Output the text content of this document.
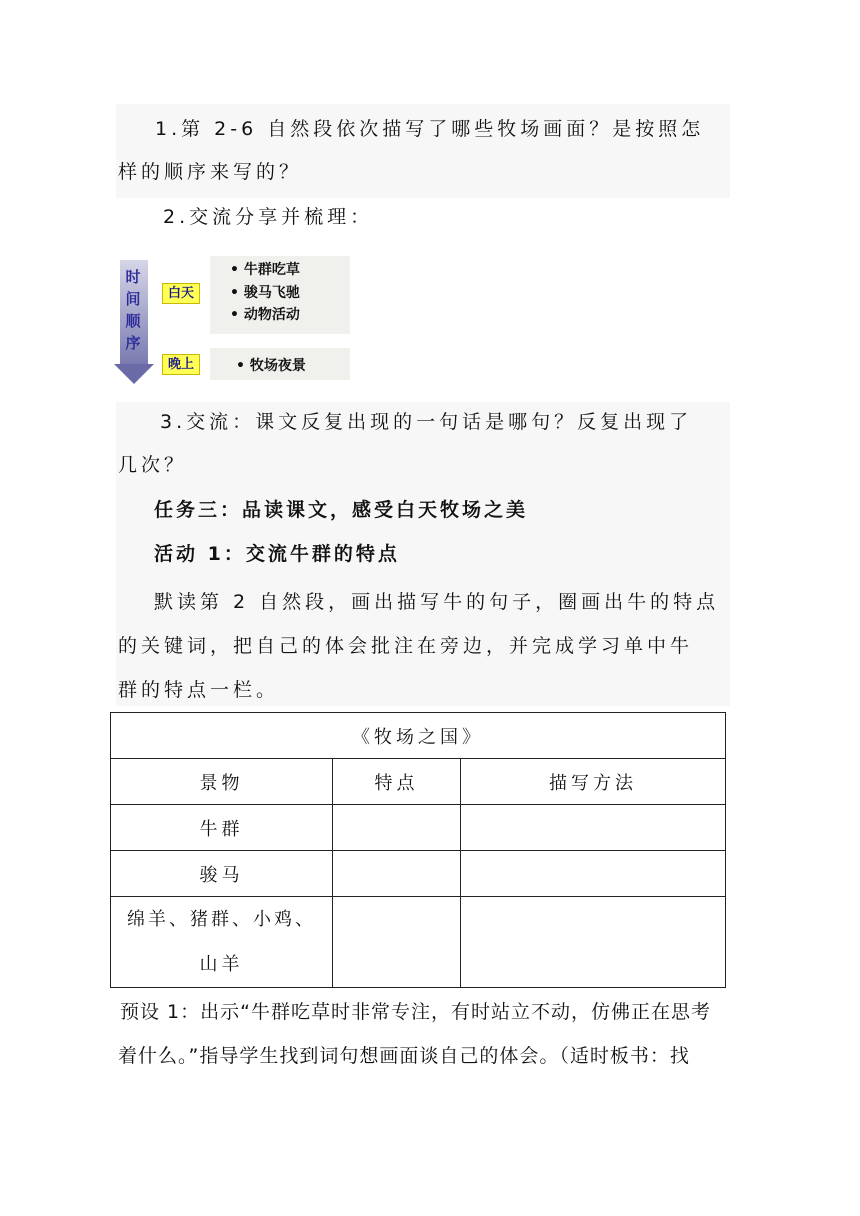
1.第 2-6 自然段依次描写了哪些牧场画面？是按照怎
样的顺序来写的？
2.交流分享并梳理：
时
间
顺
序
白天
• 牛群吃草
• 骏马飞驰
• 动物活动
晚上	• 牧场夜景
3.交流：课文反复出现的一句话是哪句？反复出现了
几次？
任务三：品读课文，感受白天牧场之美
活动 1：交流牛群的特点
默读第 2 自然段，画出描写牛的句子，圈画出牛的特点
的关键词，把自己的体会批注在旁边，并完成学习单中牛
群的特点一栏。
《牧场之国》		
景物	特点	描写方法
牛群		
骏马		

绵羊、猪群、小鸡、
山羊		

预设 1：出示“牛群吃草时非常专注，有时站立不动，仿佛正在思考
着什么。”指导学生找到词句想画面谈自己的体会。（适时板书：找
